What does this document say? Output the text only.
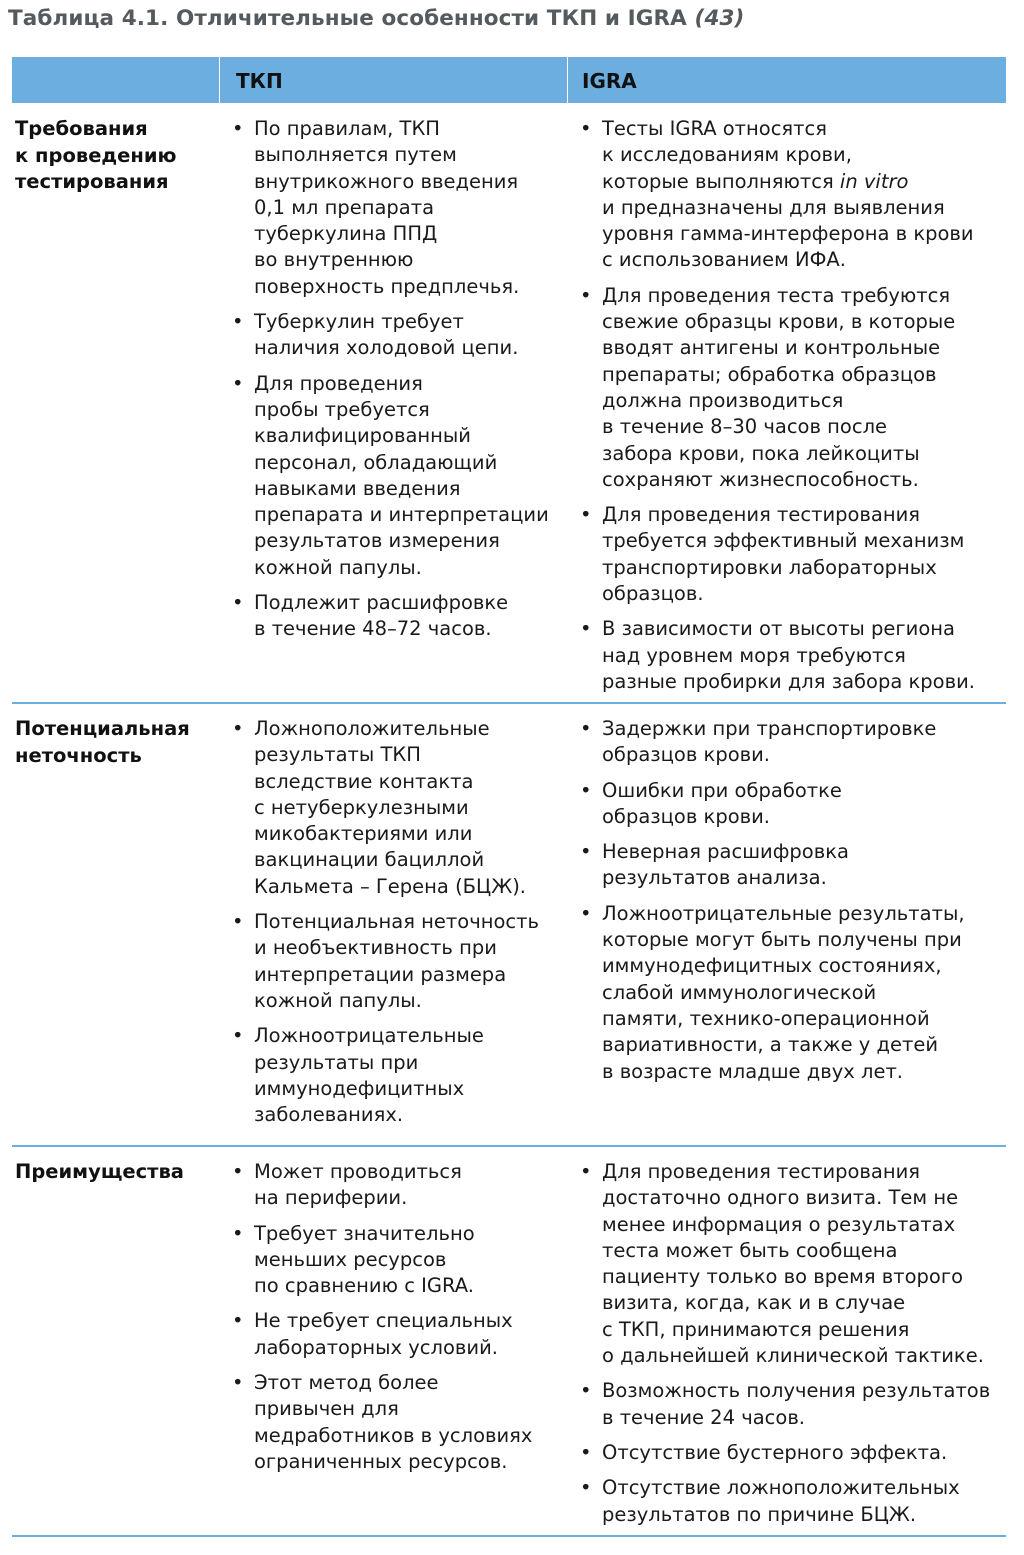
Таблица 4.1. Отличительные особенности ТКП и IGRA (43)
ТКП	IGRA
Требования
к проведению
тестирования
• По правилам, ТКП
выполняется путем
внутрикожного введения
0,1 мл препарата
туберкулина ППД
во внутреннюю
поверхность предплечья.
• Туберкулин требует
наличия холодовой цепи.
• Для проведения
пробы требуется
квалифицированный
персонал, обладающий
навыками введения
препарата и интерпретации
результатов измерения
кожной папулы.
• Подлежит расшифровке
в течение 48–72 часов.
• Тесты IGRA относятся
к исследованиям крови,
которые выполняются in vitro
и предназначены для выявления
уровня гамма-интерферона в крови
с использованием ИФА.
• Для проведения теста требуются
свежие образцы крови, в которые
вводят антигены и контрольные
препараты; обработка образцов
должна производиться
в течение 8–30 часов после
забора крови, пока лейкоциты
сохраняют жизнеспособность.
• Для проведения тестирования
требуется эффективный механизм
транспортировки лабораторных
образцов.
• В зависимости от высоты региона
над уровнем моря требуются
разные пробирки для забора крови.
Потенциальная
неточность
• Ложноположительные
результаты ТКП
вследствие контакта
с нетуберкулезными
микобактериями или
вакцинации бациллой
Кальмета – Герена (БЦЖ).
• Потенциальная неточность
и необъективность при
интерпретации размера
кожной папулы.
• Ложноотрицательные
результаты при
иммунодефицитных
заболеваниях.
• Задержки при транспортировке
образцов крови.
• Ошибки при обработке
образцов крови.
• Неверная расшифровка
результатов анализа.
• Ложноотрицательные результаты,
которые могут быть получены при
иммунодефицитных состояниях,
слабой иммунологической
памяти, технико-операционной
вариативности, а также у детей
в возрасте младше двух лет.
Преимущества
•	Может проводиться
на периферии.
• Требует значительно
меньших ресурсов
по сравнению с IGRA.
• Не требует специальных
лабораторных условий.
• Этот метод более
привычен для
медработников в условиях
ограниченных ресурсов.
• Для проведения тестирования
достаточно одного визита. Тем не
менее информация о результатах
теста может быть сообщена
пациенту только во время второго
визита, когда, как и в случае
с ТКП, принимаются решения
о дальнейшей клинической тактике.
• Возможность получения результатов
в течение 24 часов.
• Отсутствие бустерного эффекта.
• Отсутствие ложноположительных
результатов по причине БЦЖ.
